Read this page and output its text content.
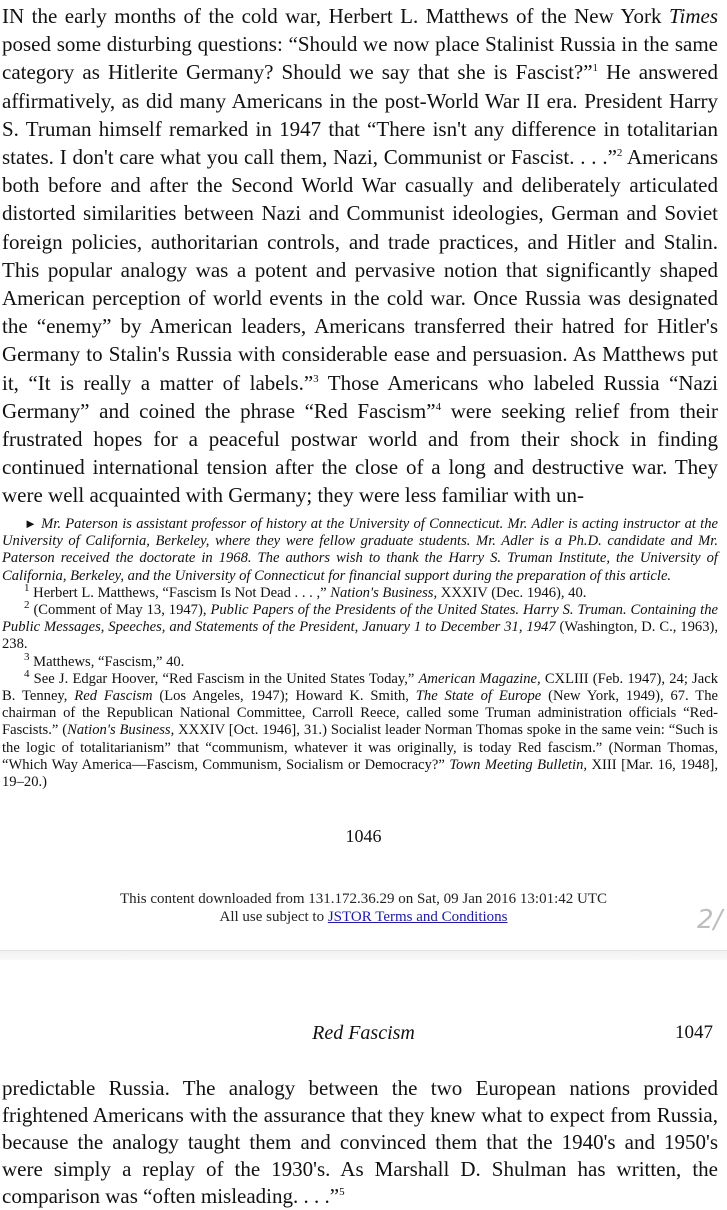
IN the early months of the cold war, Herbert L. Matthews of the New York Times posed some disturbing questions: “Should we now place Stalinist Russia in the same category as Hitlerite Germany? Should we say that she is Fascist?”$^1$ He answered affirmatively, as did many Americans in the post-World War II era. President Harry S. Truman himself remarked in 1947 that “There isn't any difference in totalitarian states. I don't care what you call them, Nazi, Communist or Fascist. . . .”$^2$ Americans both before and after the Second World War casually and deliberately articulated distorted similarities between Nazi and Communist ideologies, German and Soviet foreign policies, authoritarian controls, and trade practices, and Hitler and Stalin. This popular analogy was a potent and pervasive notion that significantly shaped American perception of world events in the cold war. Once Russia was designated the “enemy” by American leaders, Americans transferred their hatred for Hitler's Germany to Stalin's Russia with considerable ease and persuasion. As Matthews put it, “It is really a matter of labels.”$^3$ Those Americans who labeled Russia “Nazi Germany” and coined the phrase “Red Fascism”$^4$ were seeking relief from their frustrated hopes for a peaceful postwar world and from their shock in finding continued international tension after the close of a long and destructive war. They were well acquainted with Germany; they were less familiar with un-

► Mr. Paterson is assistant professor of history at the University of Connecticut. Mr. Adler is acting instructor at the University of California, Berkeley, where they were fellow graduate students. Mr. Adler is a Ph.D. candidate and Mr. Paterson received the doctorate in 1968. The authors wish to thank the Harry S. Truman Institute, the University of California, Berkeley, and the University of Connecticut for financial support during the preparation of this article.

$^1$ Herbert L. Matthews, “Fascism Is Not Dead . . . ,” Nation's Business, XXXIV (Dec. 1946), 40.

$^2$ (Comment of May 13, 1947), Public Papers of the Presidents of the United States. Harry S. Truman. Containing the Public Messages, Speeches, and Statements of the President, January 1 to December 31, 1947 (Washington, D. C., 1963), 238.

$^3$ Matthews, “Fascism,” 40.

$^4$ See J. Edgar Hoover, “Red Fascism in the United States Today,” American Magazine, CXLIII (Feb. 1947), 24; Jack B. Tenney, Red Fascism (Los Angeles, 1947); Howard K. Smith, The State of Europe (New York, 1949), 67. The chairman of the Republican National Committee, Carroll Reece, called some Truman administration officials “Red-Fascists.” (Nation's Business, XXXIV [Oct. 1946], 31.) Socialist leader Norman Thomas spoke in the same vein: “Such is the logic of totalitarianism” that “communism, whatever it was originally, is today Red fascism.” (Norman Thomas, “Which Way America—Fascism, Communism, Socialism or Democracy?” Town Meeting Bulletin, XIII [Mar. 16, 1948], 19–20.)

1046
This content downloaded from 131.172.36.29 on Sat, 09 Jan 2016 13:01:42 UTC
All use subject to JSTOR Terms and Conditions	2/
Red Fascism	1047

predictable Russia. The analogy between the two European nations provided frightened Americans with the assurance that they knew what to expect from Russia, because the analogy taught them and convinced them that the 1940's and 1950's were simply a replay of the 1930's. As Marshall D. Shulman has written, the comparison was “often misleading. . . .”$^5$
